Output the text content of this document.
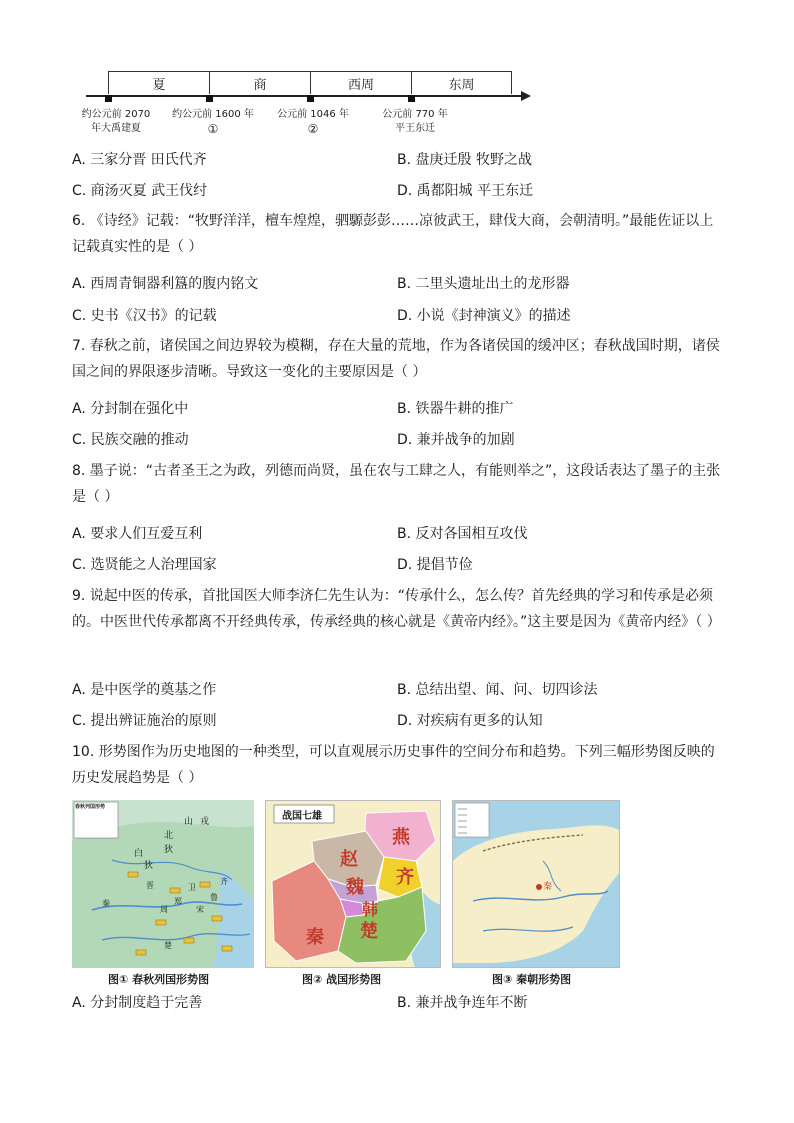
夏	商	西周	东周
约公元前 2070
年大禹建夏
约公元前 1600 年
①
公元前 1046 年
②
公元前 770 年
平王东迁
A. 三家分晋 田氏代齐	B. 盘庚迁殷 牧野之战
C. 商汤灭夏 武王伐纣	D. 禹都阳城 平王东迁
6. 《诗经》记载：“牧野洋洋，檀车煌煌，驷騵彭彭……凉彼武王，肆伐大商，会朝清明。”最能佐证以上记载真实性的是（ ）
A. 西周青铜器利簋的腹内铭文	B. 二里头遗址出土的龙形器
C. 史书《汉书》的记载	D. 小说《封神演义》的描述
7. 春秋之前，诸侯国之间边界较为模糊，存在大量的荒地，作为各诸侯国的缓冲区；春秋战国时期，诸侯国之间的界限逐步清晰。导致这一变化的主要原因是（ ）
A. 分封制在强化中	B. 铁器牛耕的推广
C. 民族交融的推动	D. 兼并战争的加剧
8. 墨子说：“古者圣王之为政，列德而尚贤，虽在农与工肆之人，有能则举之”，这段话表达了墨子的主张是（ ）
A. 要求人们互爱互利	B. 反对各国相互攻伐
C. 选贤能之人治理国家	D. 提倡节俭
9. 说起中医的传承，首批国医大师李济仁先生认为：“传承什么，怎么传？首先经典的学习和传承是必须的。中医世代传承都离不开经典传承，传承经典的核心就是《黄帝内经》。”这主要是因为《黄帝内经》（ ）
A. 是中医学的奠基之作	B. 总结出望、闻、问、切四诊法
C. 提出辨证施治的原则	D. 对疾病有更多的认知
10. 形势图作为历史地图的一种类型，可以直观展示历史事件的空间分布和趋势。下列三幅形势图反映的历史发展趋势是（ ）
春秋列国形势
山 戎
北
狄
白
狄
秦
晋
郑
卫
宋
周
楚
鲁
齐
图① 春秋列国形势图
战国七雄
燕
赵
魏 齐
韩
楚
秦
图② 战国形势图
秦
图③ 秦朝形势图
A. 分封制度趋于完善	B. 兼并战争连年不断
